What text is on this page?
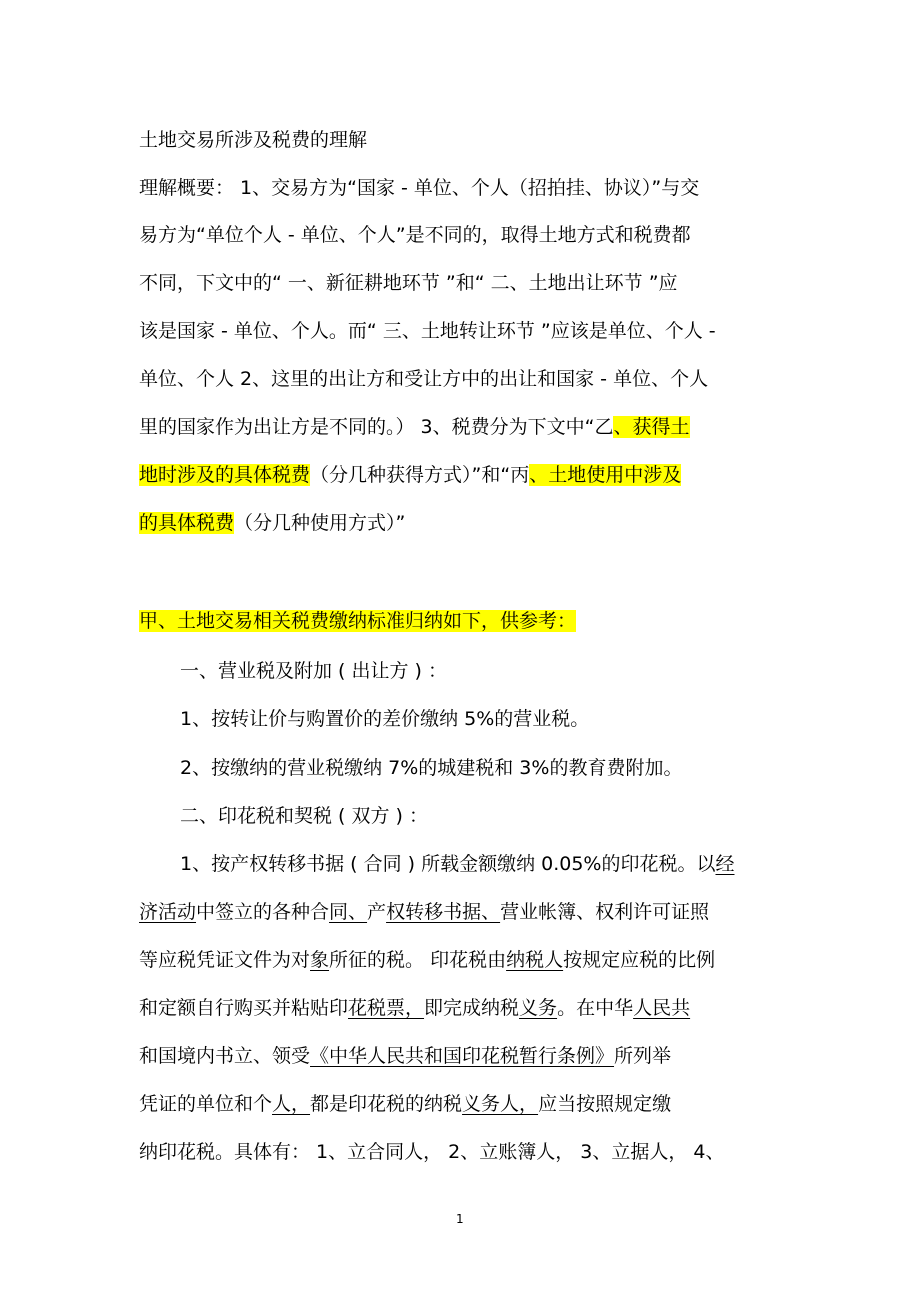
土地交易所涉及税费的理解
理解概要： 1、交易方为“国家 - 单位、个人（招拍挂、协议）”与交
易方为“单位个人 - 单位、个人”是不同的，取得土地方式和税费都
不同，下文中的“ 一、新征耕地环节 ”和“ 二、土地出让环节 ”应
该是国家 - 单位、个人。而“ 三、土地转让环节 ”应该是单位、个人 -
单位、个人 2、这里的出让方和受让方中的出让和国家 - 单位、个人
里的国家作为出让方是不同的。） 3、税费分为下文中“乙、获得土
地时涉及的具体税费（分几种获得方式）”和“丙、土地使用中涉及
的具体税费（分几种使用方式）”
甲、土地交易相关税费缴纳标准归纳如下，供参考：
一、营业税及附加 ( 出让方 ) ：
1、按转让价与购置价的差价缴纳 5%的营业税。
2、按缴纳的营业税缴纳 7%的城建税和 3%的教育费附加。
二、印花税和契税 ( 双方 ) ：
1、按产权转移书据 ( 合同 ) 所载金额缴纳 0.05%的印花税。以经
济活动中签立的各种合同、产权转移书据、营业帐簿、权利许可证照
等应税凭证文件为对象所征的税。 印花税由纳税人按规定应税的比例
和定额自行购买并粘贴印花税票，即完成纳税义务。在中华人民共
和国境内书立、领受《中华人民共和国印花税暂行条例》所列举
凭证的单位和个人，都是印花税的纳税义务人，应当按照规定缴
纳印花税。具体有： 1、立合同人， 2、立账簿人， 3、立据人， 4、
1
